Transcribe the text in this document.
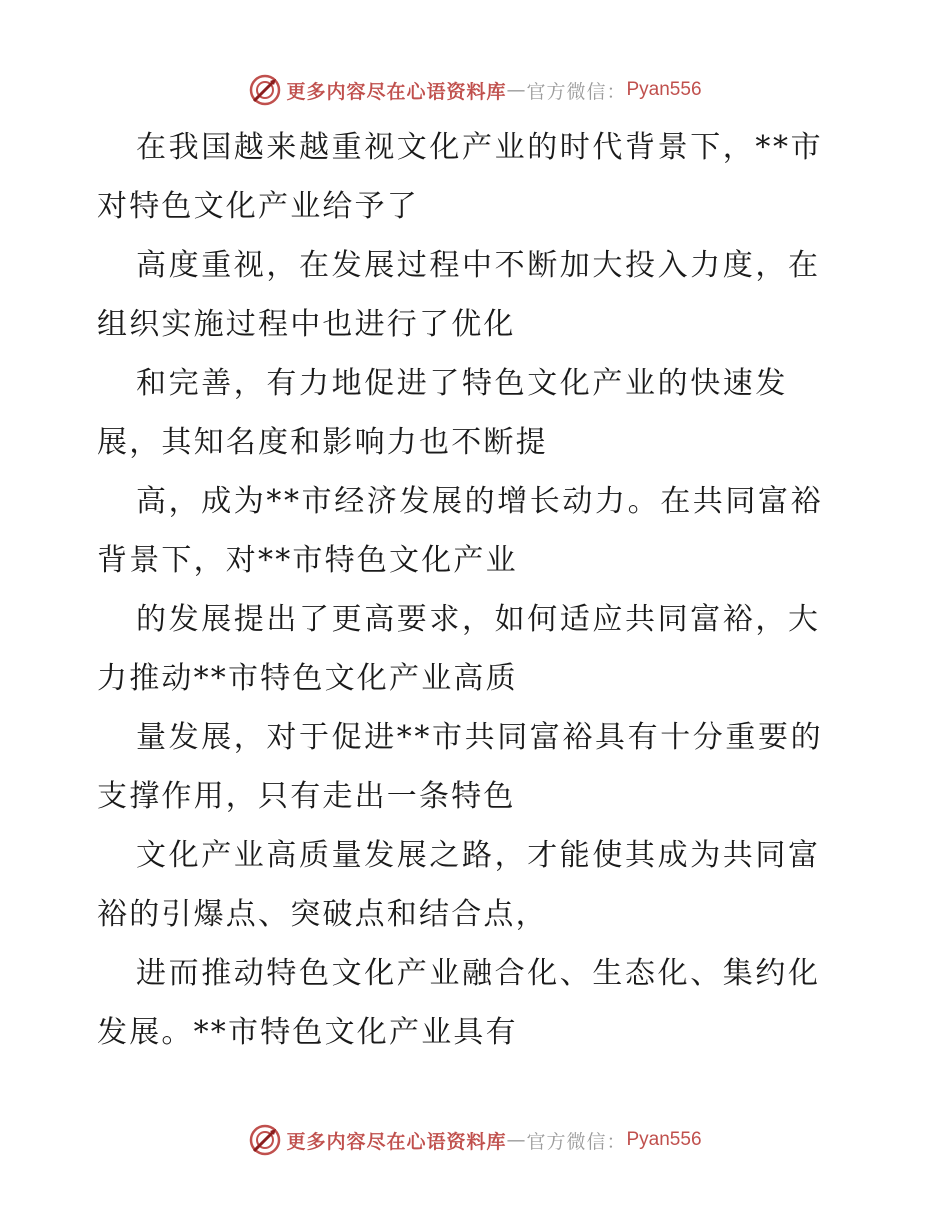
更多内容尽在心语资料库 — 官方微信： Pyan556
在我国越来越重视文化产业的时代背景下，**市
对特色文化产业给予了
高度重视，在发展过程中不断加大投入力度，在
组织实施过程中也进行了优化
和完善，有力地促进了特色文化产业的快速发
展，其知名度和影响力也不断提
高，成为**市经济发展的增长动力。在共同富裕
背景下，对**市特色文化产业
的发展提出了更高要求，如何适应共同富裕，大
力推动**市特色文化产业高质
量发展，对于促进**市共同富裕具有十分重要的
支撑作用，只有走出一条特色
文化产业高质量发展之路，才能使其成为共同富
裕的引爆点、突破点和结合点，
进而推动特色文化产业融合化、生态化、集约化
发展。**市特色文化产业具有
更多内容尽在心语资料库 — 官方微信： Pyan556
